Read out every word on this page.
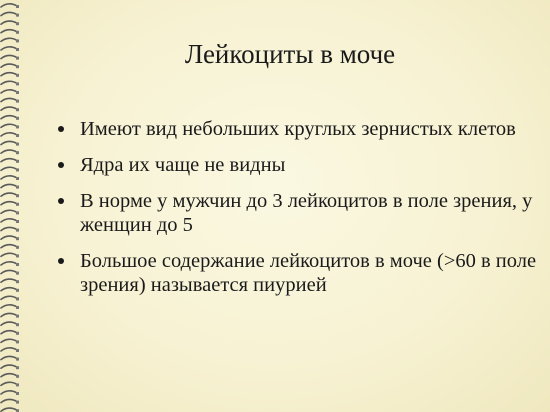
Лейкоциты в моче
Имеют вид небольших круглых зернистых клетов
Ядра их чаще не видны
В норме у мужчин до 3 лейкоцитов в поле зрения, у женщин до 5
Большое содержание лейкоцитов в моче (>60 в поле зрения) называется пиурией
